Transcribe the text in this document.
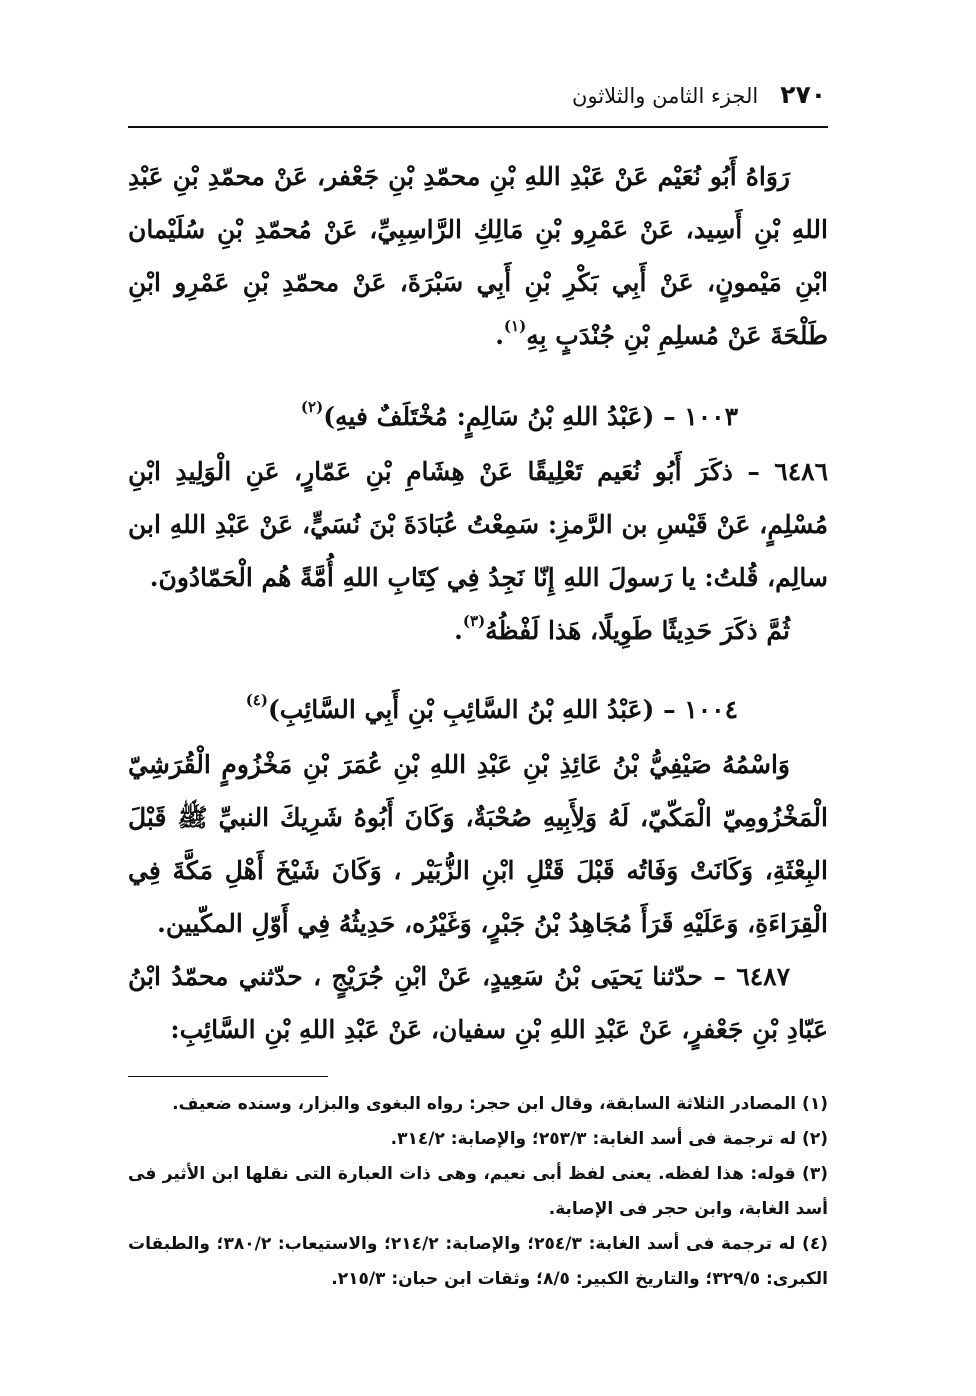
٢٧٠
الجزء الثامن والثلاثون

رَوَاهُ أَبُو نُعَيْم عَنْ عَبْدِ اللهِ بْنِ محمّدِ بْنِ جَعْفر، عَنْ محمّدِ بْنِ عَبْدِ اللهِ بْنِ أَسِيد، عَنْ عَمْرِو بْنِ مَالِكِ الرَّاسِبِيِّ، عَنْ مُحمّدِ بْنِ سُلَيْمان ابْنِ مَيْمونٍ، عَنْ أَبِي بَكْرِ بْنِ أَبِي سَبْرَةَ، عَنْ محمّدِ بْنِ عَمْرِو ابْنِ طَلْحَةَ عَنْ مُسلِمِ بْنِ جُنْدَبٍ بِهِ$^{(١)}$.

١٠٠٣ – (عَبْدُ اللهِ بْنُ سَالِمٍ: مُخْتَلَفٌ فيهِ)$^{(٢)}$

٦٤٨٦ – ذكَرَ أَبُو نُعَيم تَعْلِيقًا عَنْ هِشَامِ بْنِ عَمّارٍ، عَنِ الْوَلِيدِ ابْنِ مُسْلِمٍ، عَنْ قَيْسِ بن الرَّمزِ: سَمِعْتُ عُبَادَةَ بْنَ نُسَيٍّ، عَنْ عَبْدِ اللهِ ابن سالِم، قُلتُ: يا رَسولَ اللهِ إِنّا نَجِدُ فِي كِتَابِ اللهِ أُمَّةً هُم الْحَمّادُونَ.

ثُمَّ ذكَرَ حَدِيثًا طَوِيلًا، هَذا لَفْظُهُ$^{(٣)}$.

١٠٠٤ – (عَبْدُ اللهِ بْنُ السَّائِبِ بْنِ أَبِي السَّائِبِ)$^{(٤)}$

وَاسْمُهُ صَيْفِيُّ بْنُ عَائِذِ بْنِ عَبْدِ اللهِ بْنِ عُمَرَ بْنِ مَخْزُومٍ الْقُرَشِيّ الْمَخْزُومِيّ الْمَكّيّ، لَهُ وَلِأَبِيهِ صُحْبَةٌ، وَكَانَ أَبُوهُ شَرِيكَ النبيِّ ﷺ قَبْلَ البِعْثَةِ، وَكَانَتْ وَفَاتُه قَبْلَ قَتْلِ ابْنِ الزُّبَيْر ، وَكَانَ شَيْخَ أَهْلِ مَكَّةَ فِي الْقِرَاءَةِ، وَعَلَيْهِ قَرَأَ مُجَاهِدُ بْنُ جَبْرٍ، وَغَيْرُه، حَدِيثُهُ فِي أَوّلِ المكّيين.

٦٤٨٧ – حدّثنا يَحيَى بْنُ سَعِيدٍ، عَنْ ابْنِ جُرَيْجٍ ، حدّثني محمّدُ ابْنُ عَبّادِ بْنِ جَعْفرٍ، عَنْ عَبْدِ اللهِ بْنِ سفيان، عَنْ عَبْدِ اللهِ بْنِ السَّائِبِ:

(١) المصادر الثلاثة السابقة، وقال ابن حجر: رواه البغوى والبزار، وسنده ضعيف.

(٢) له ترجمة فى أسد الغابة: ٢٥٣/٣؛ والإصابة: ٣١٤/٢.

(٣) قوله: هذا لفظه. يعنى لفظ أبى نعيم، وهى ذات العبارة التى نقلها ابن الأثير فى أسد الغابة، وابن حجر فى الإصابة.

(٤) له ترجمة فى أسد الغابة: ٢٥٤/٣؛ والإصابة: ٢١٤/٢؛ والاستيعاب: ٣٨٠/٢؛ والطبقات الكبرى: ٣٢٩/٥؛ والتاريخ الكبير: ٨/٥؛ وثقات ابن حبان: ٢١٥/٣.
